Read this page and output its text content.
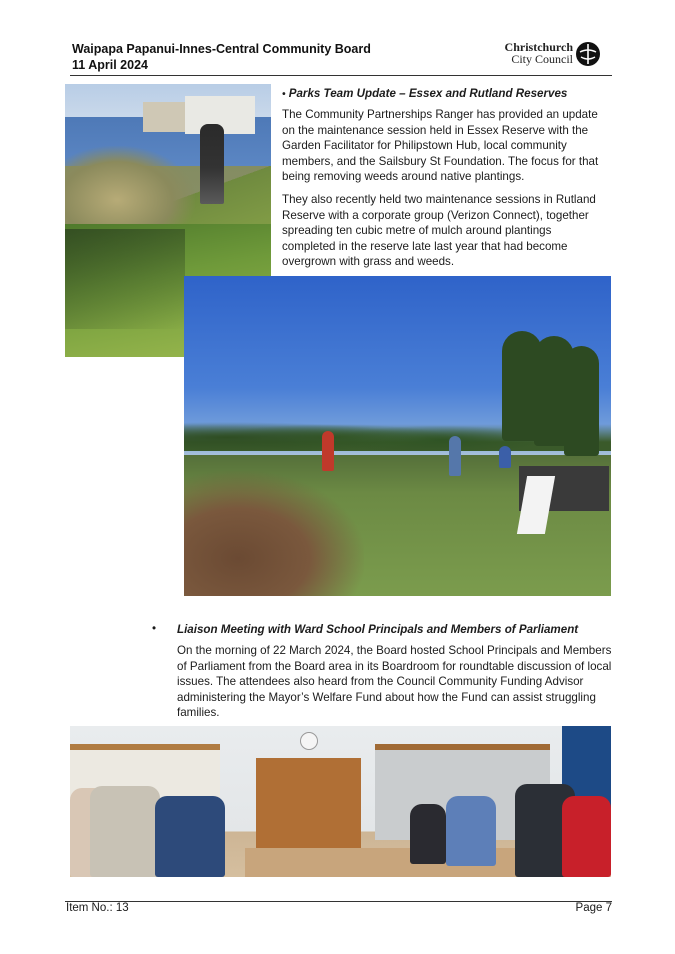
Waipapa Papanui-Innes-Central Community Board
11 April 2024
Christchurch
City Council
• Parks Team Update – Essex and Rutland Reserves
The Community Partnerships Ranger has provided an update on the maintenance session held in Essex Reserve with the Garden Facilitator for Philipstown Hub, local community members, and the Sailsbury St Foundation. The focus for that being removing weeds around native plantings.
They also recently held two maintenance sessions in Rutland Reserve with a corporate group (Verizon Connect), together spreading ten cubic metre of mulch around plantings completed in the reserve late last year that had become overgrown with grass and weeds.
• Liaison Meeting with Ward School Principals and Members of Parliament
On the morning of 22 March 2024, the Board hosted School Principals and Members of Parliament from the Board area in its Boardroom for roundtable discussion of local issues. The attendees also heard from the Council Community Funding Advisor administering the Mayor’s Welfare Fund about how the Fund can assist struggling families.
Item No.: 13	Page 7
